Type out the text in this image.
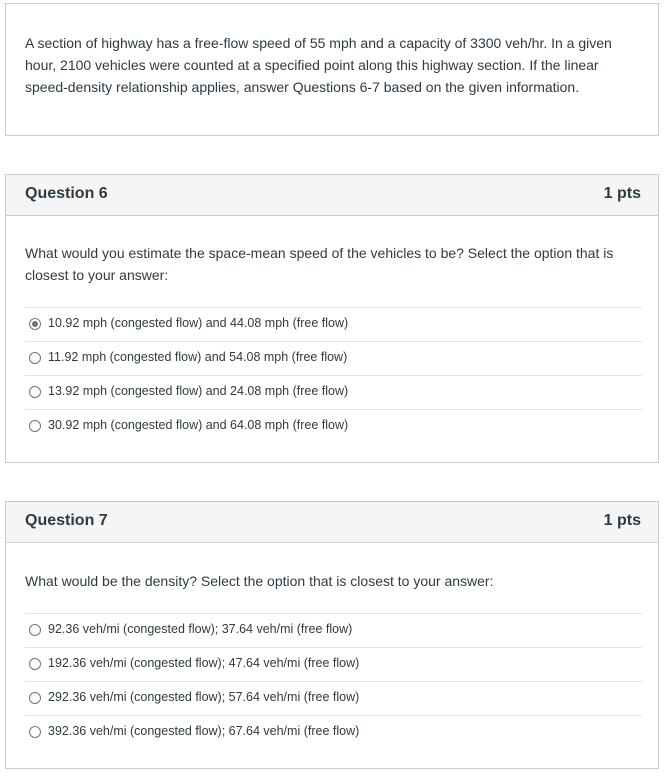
A section of highway has a free-flow speed of 55 mph and a capacity of 3300 veh/hr. In a given hour, 2100 vehicles were counted at a specified point along this highway section. If the linear speed-density relationship applies, answer Questions 6-7 based on the given information.

Question 6	1 pts

What would you estimate the space-mean speed of the vehicles to be? Select the option that is closest to your answer:

10.92 mph (congested flow) and 44.08 mph (free flow)
11.92 mph (congested flow) and 54.08 mph (free flow)
13.92 mph (congested flow) and 24.08 mph (free flow)
30.92 mph (congested flow) and 64.08 mph (free flow)
Question 7	1 pts

What would be the density? Select the option that is closest to your answer:

92.36 veh/mi (congested flow); 37.64 veh/mi (free flow)
192.36 veh/mi (congested flow); 47.64 veh/mi (free flow)
292.36 veh/mi (congested flow); 57.64 veh/mi (free flow)
392.36 veh/mi (congested flow); 67.64 veh/mi (free flow)
